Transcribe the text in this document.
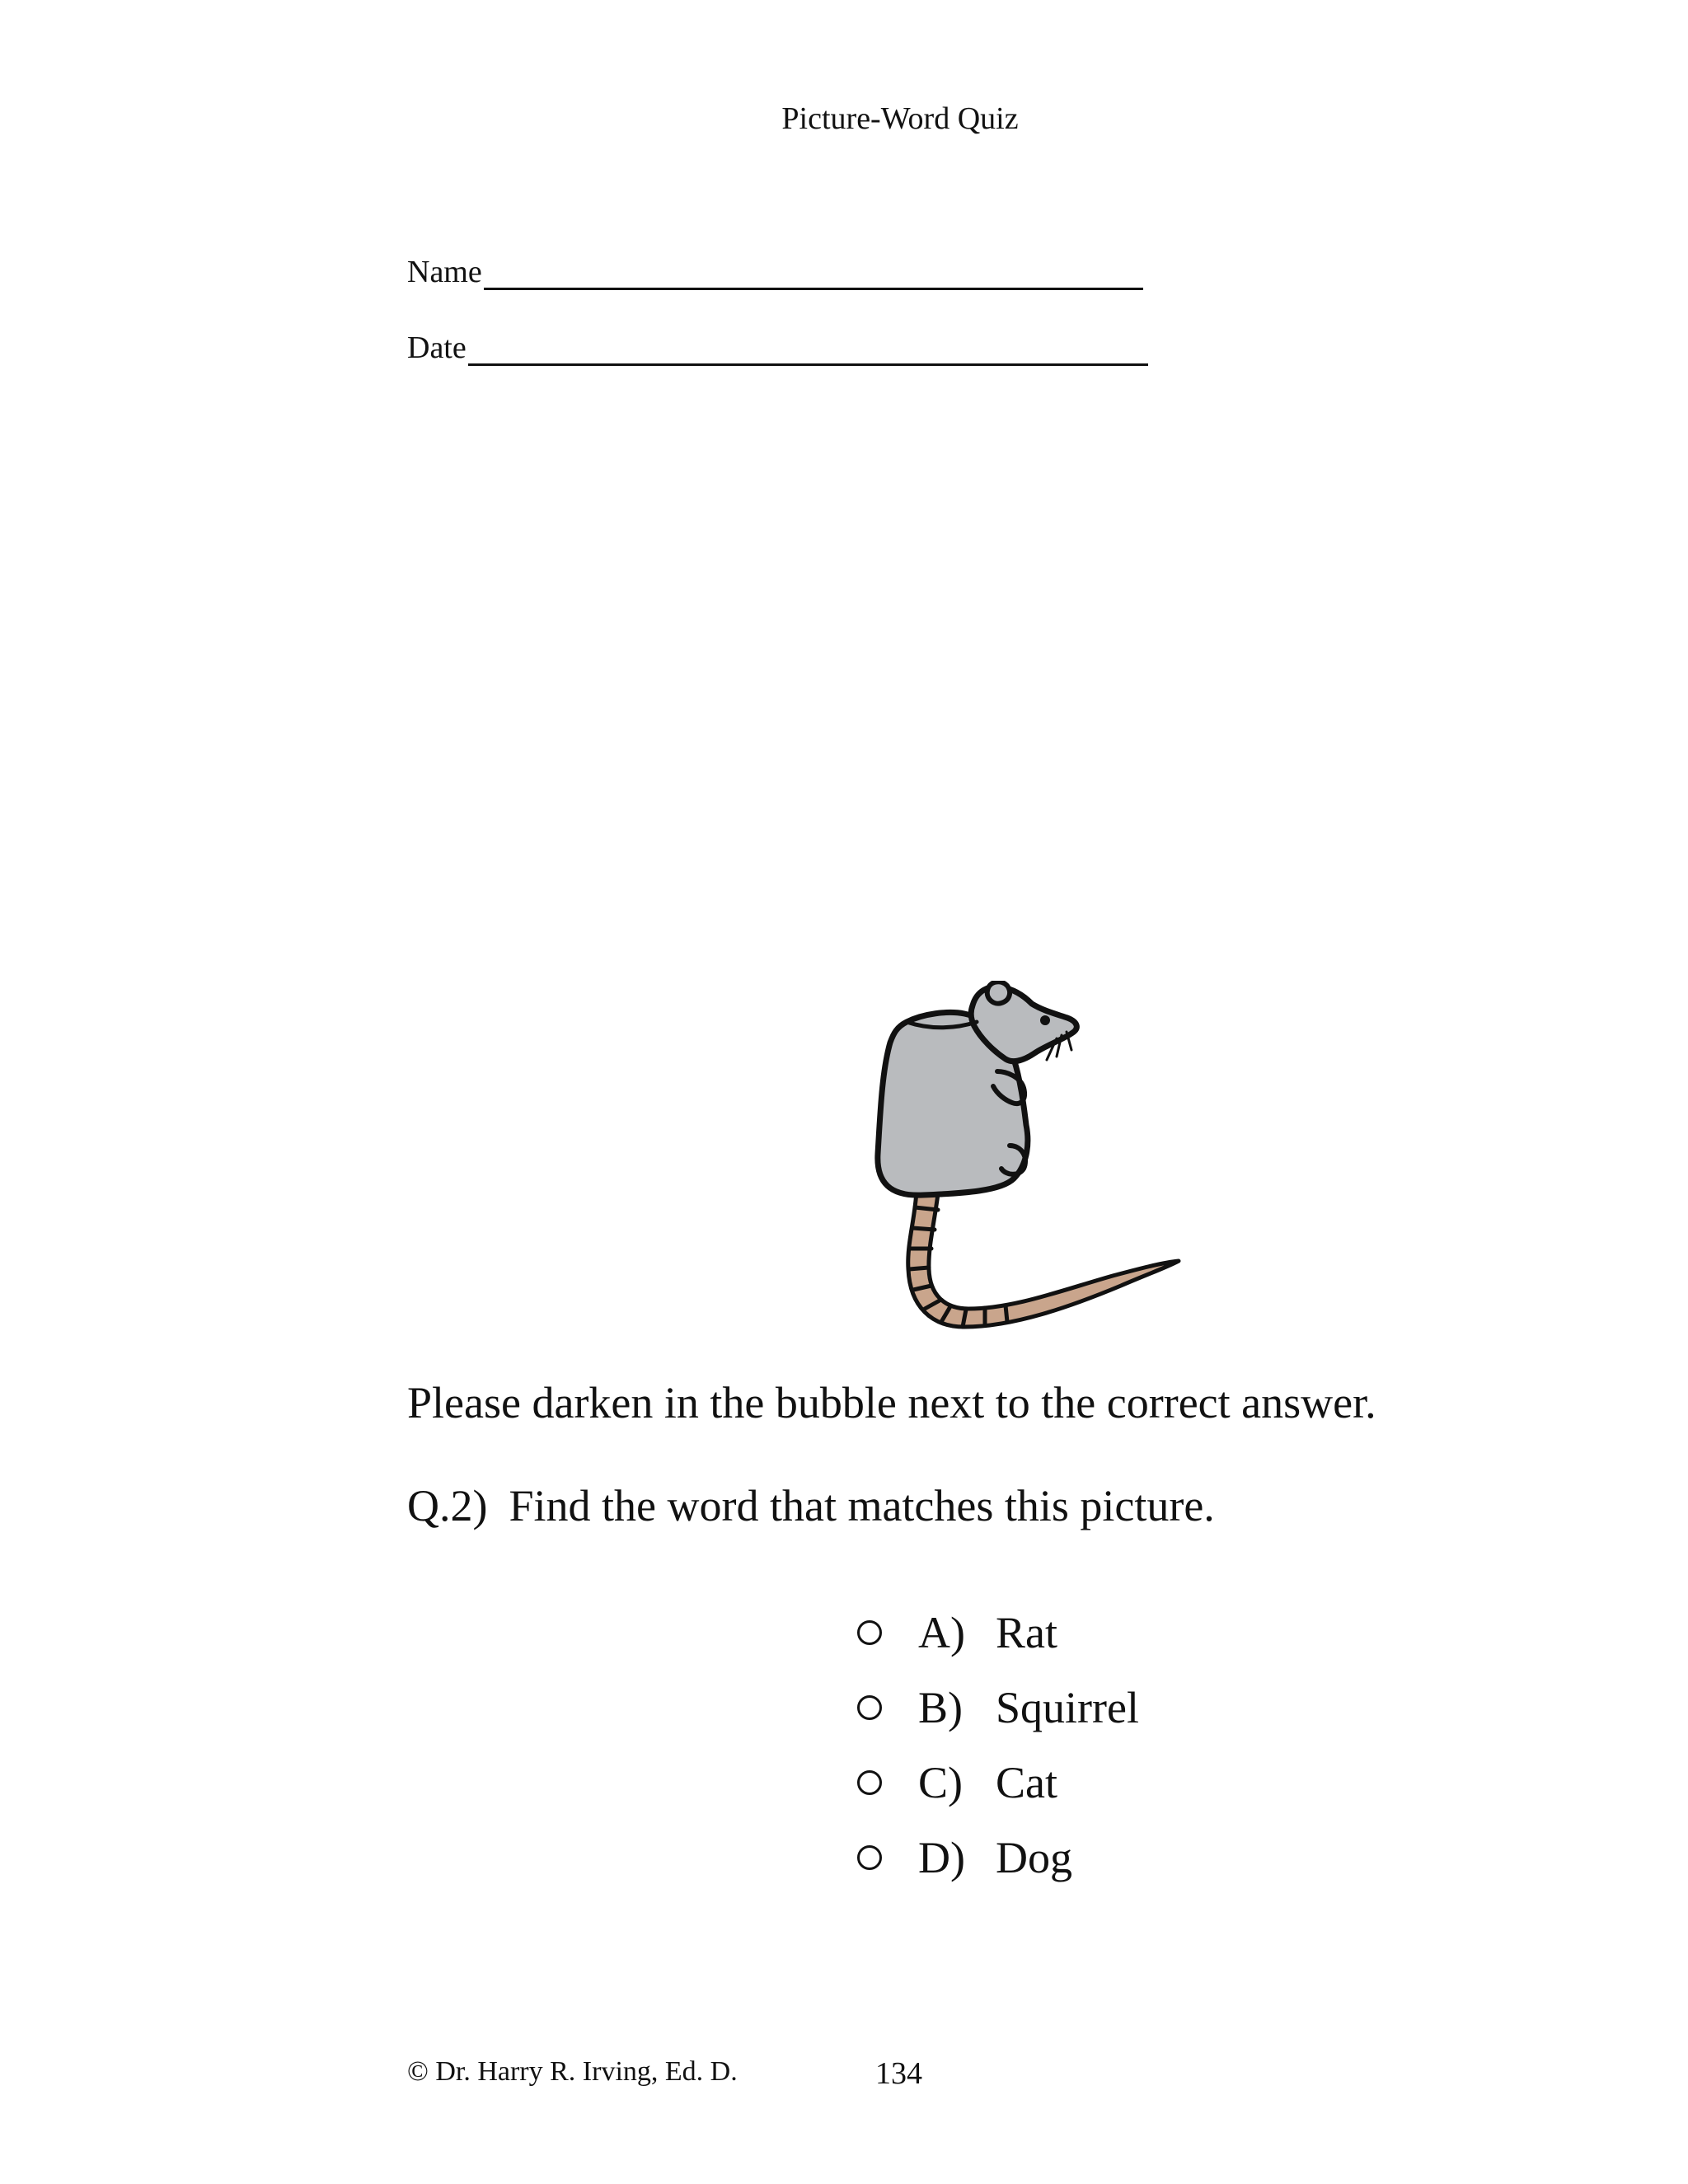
Picture-Word Quiz
Name
Date
Please darken in the bubble next to the correct answer.
Q.2) Find the word that matches this picture.
A) Rat
B) Squirrel
C) Cat
D) Dog
© Dr. Harry R. Irving, Ed. D.	134
